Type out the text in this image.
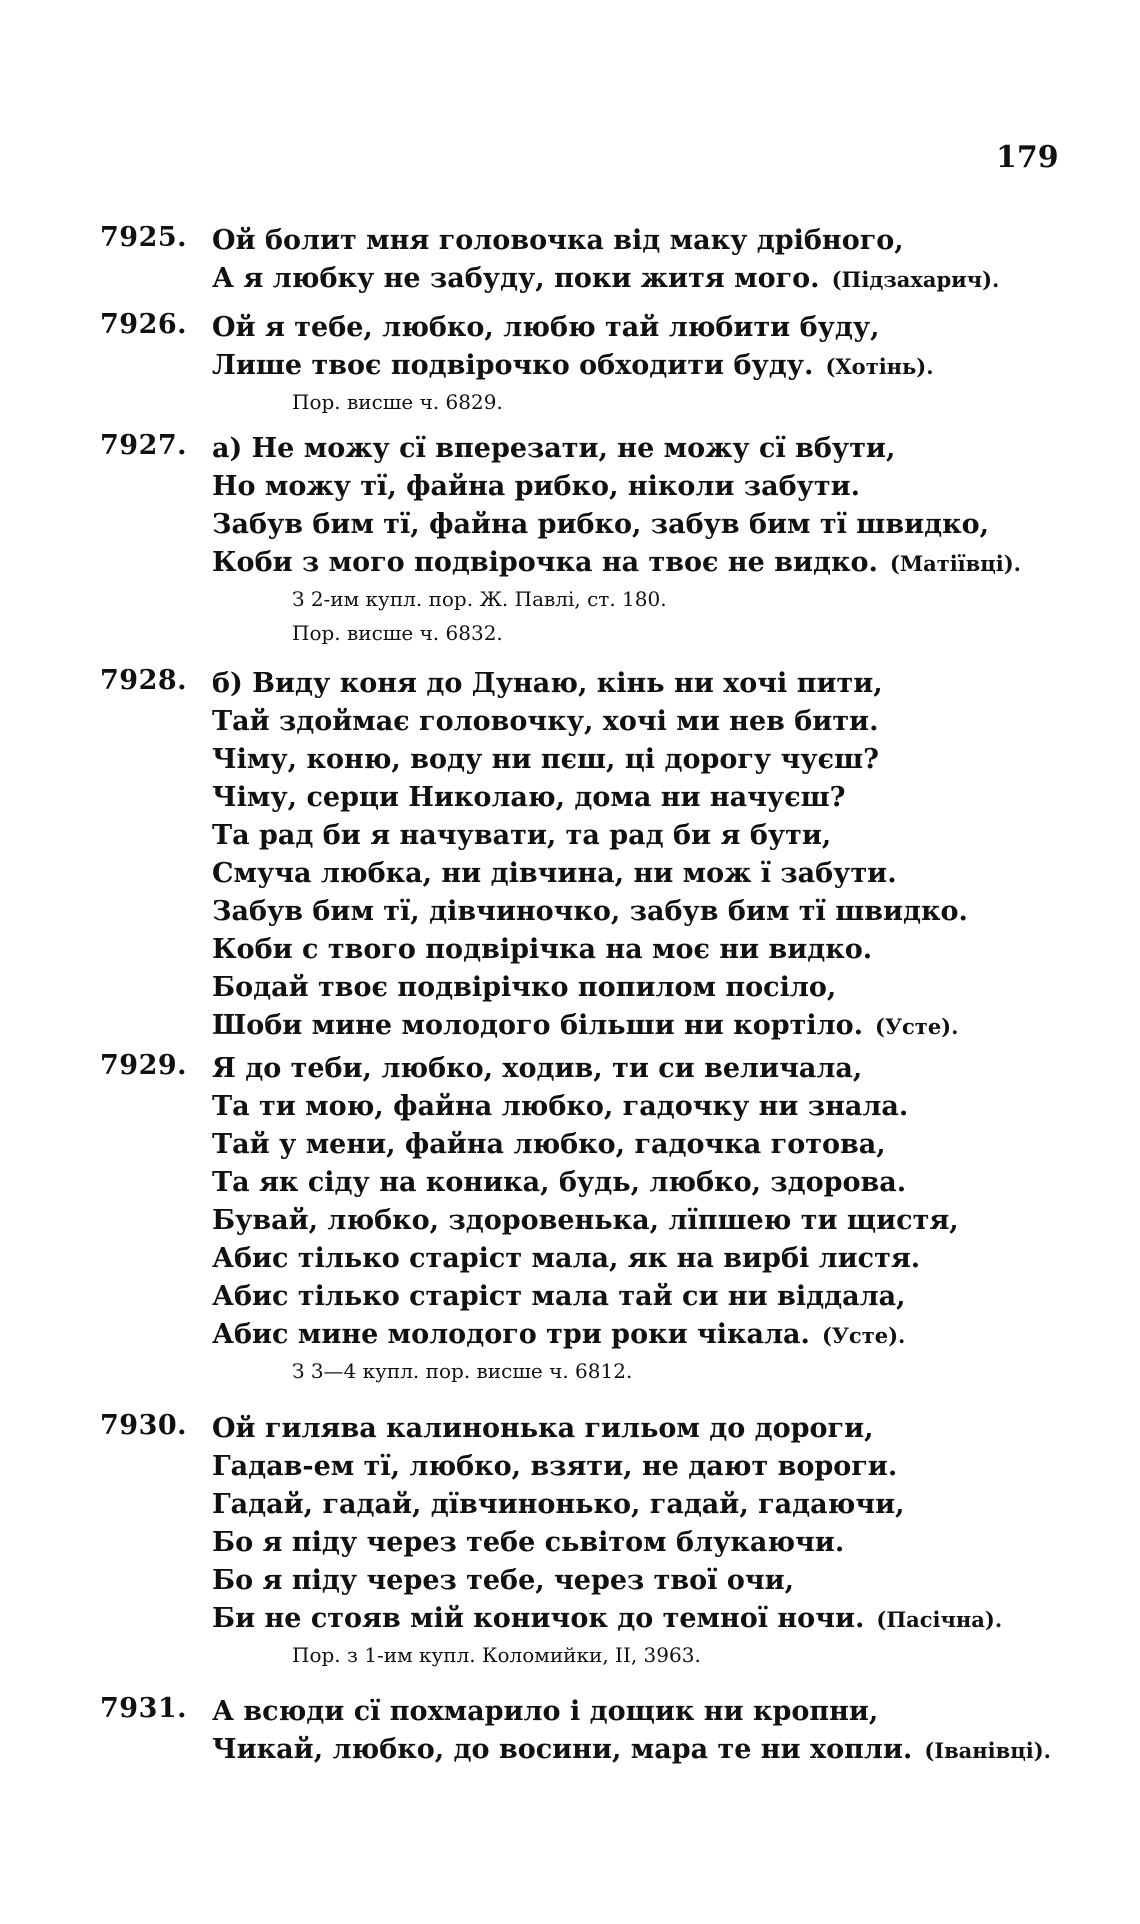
179
7925. Ой болит мня головочка від маку дрібного,
А я любку не забуду, поки житя мого. (Підзахарич).
7926. Ой я тебе, любко, любю тай любити буду,
Лише твоє подвірочко обходити буду. (Хотінь).
Пор. висше ч. 6829.
7927. а) Не можу сї вперезати, не можу сї вбути,
Но можу тї, файна рибко, ніколи забути.
Забув бим тї, файна рибко, забув бим тї швидко,
Коби з мого подвірочка на твоє не видко. (Матіївці).
З 2-им купл. пор. Ж. Павлі, ст. 180.
Пор. висше ч. 6832.
7928. б) Виду коня до Дунаю, кінь ни хочі пити,
Тай здоймає головочку, хочі ми нев бити.
Чіму, коню, воду ни пєш, ці дорогу чуєш?
Чіму, серци Николаю, дома ни начуєш?
Та рад би я начувати, та рад би я бути,
Смуча любка, ни дівчина, ни мож ї забути.
Забув бим тї, дівчиночко, забув бим тї швидко.
Коби с твого подвірічка на моє ни видко.
Бодай твоє подвірічко попилом посіло,
Шоби мине молодого більши ни кортіло. (Усте).
7929. Я до теби, любко, ходив, ти си величала,
Та ти мою, файна любко, гадочку ни знала.
Тай у мени, файна любко, гадочка готова,
Та як сіду на коника, будь, любко, здорова.
Бувай, любко, здоровенька, лїпшею ти щистя,
Абис тілько старіст мала, як на вирбі листя.
Абис тілько старіст мала тай си ни віддала,
Абис мине молодого три роки чікала. (Усте).
З 3—4 купл. пор. висше ч. 6812.
7930. Ой гилява калинонька гильом до дороги,
Гадав-ем тї, любко, взяти, не дают вороги.
Гадай, гадай, дївчинонько, гадай, гадаючи,
Бо я піду через тебе сьвітом блукаючи.
Бо я піду через тебе, через твої очи,
Би не стояв мій коничок до темної ночи. (Пасічна).
Пор. з 1-им купл. Коломийки, II, 3963.
7931. А всюди сї похмарило і дощик ни кропни,
Чикай, любко, до восини, мара те ни хопли. (Іванівці).
